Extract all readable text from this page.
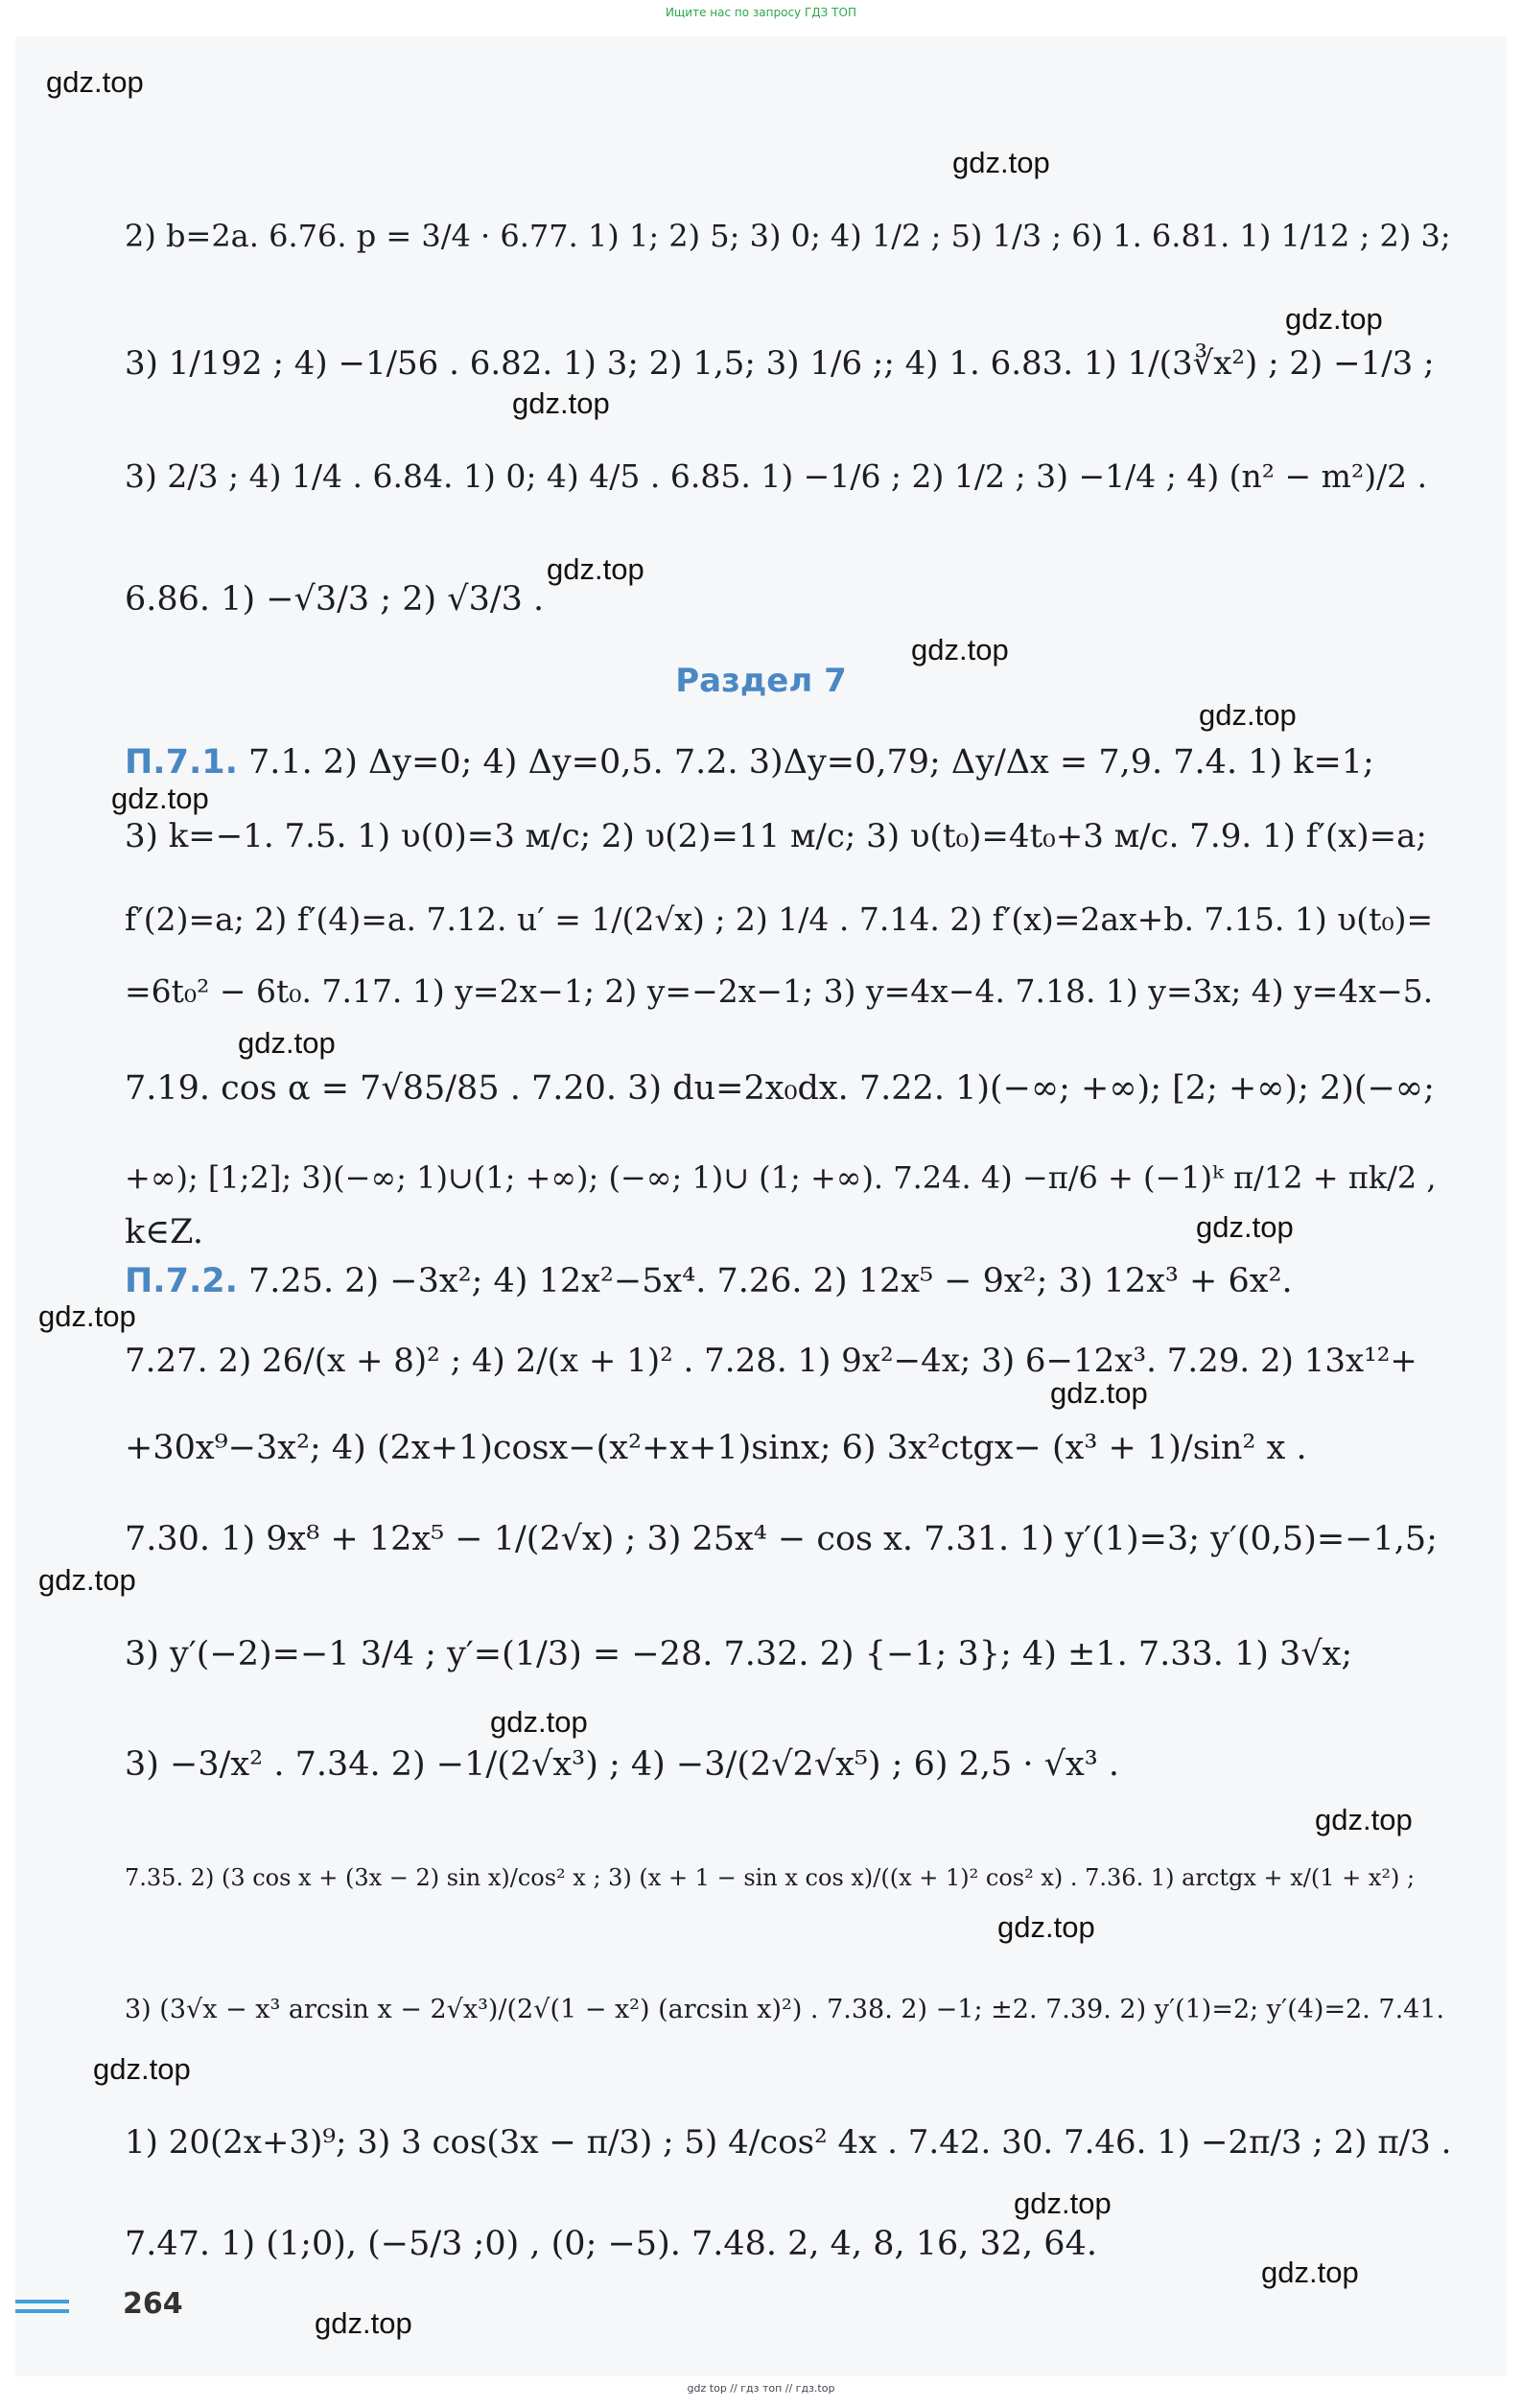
Ищите нас по запросу ГДЗ ТОП
gdz.top
gdz.top
gdz.top
gdz.top
gdz.top
gdz.top
gdz.top
gdz.top
gdz.top
gdz.top
gdz.top
gdz.top
gdz.top
gdz.top
gdz.top
gdz.top
gdz.top
gdz.top
gdz.top
gdz.top
2) b=2a. 6.76. p = 3/4 · 6.77. 1) 1; 2) 5; 3) 0; 4) 1/2 ; 5) 1/3 ; 6) 1. 6.81. 1) 1/12 ; 2) 3;
3) 1/192 ; 4) −1/56 . 6.82. 1) 3; 2) 1,5; 3) 1/6 ;; 4) 1. 6.83. 1) 1/(3∛x²) ; 2) −1/3 ;
3) 2/3 ; 4) 1/4 . 6.84. 1) 0; 4) 4/5 . 6.85. 1) −1/6 ; 2) 1/2 ; 3) −1/4 ; 4) (n² − m²)/2 .
6.86. 1) −√3/3 ; 2) √3/3 .
Раздел 7
П.7.1. 7.1. 2) Δy=0; 4) Δy=0,5. 7.2. 3)Δy=0,79; Δy/Δx = 7,9. 7.4. 1) k=1;
3) k=−1. 7.5. 1) υ(0)=3 м/с; 2) υ(2)=11 м/с; 3) υ(t₀)=4t₀+3 м/с. 7.9. 1) f′(x)=a;
f′(2)=a; 2) f′(4)=a. 7.12. u′ = 1/(2√x) ; 2) 1/4 . 7.14. 2) f′(x)=2ax+b. 7.15. 1) υ(t₀)=
=6t₀² − 6t₀. 7.17. 1) y=2x−1; 2) y=−2x−1; 3) y=4x−4. 7.18. 1) y=3x; 4) y=4x−5.
7.19. cos α = 7√85/85 . 7.20. 3) du=2x₀dx. 7.22. 1)(−∞; +∞); [2; +∞); 2)(−∞;
+∞); [1;2]; 3)(−∞; 1)∪(1; +∞); (−∞; 1)∪ (1; +∞). 7.24. 4) −π/6 + (−1)ᵏ π/12 + πk/2 ,
k∈Z.
П.7.2. 7.25. 2) −3x²; 4) 12x²−5x⁴. 7.26. 2) 12x⁵ − 9x²; 3) 12x³ + 6x².
7.27. 2) 26/(x + 8)² ; 4) 2/(x + 1)² . 7.28. 1) 9x²−4x; 3) 6−12x³. 7.29. 2) 13x¹²+
+30x⁹−3x²; 4) (2x+1)cosx−(x²+x+1)sinx; 6) 3x²ctgx− (x³ + 1)/sin² x .
7.30. 1) 9x⁸ + 12x⁵ − 1/(2√x) ; 3) 25x⁴ − cos x. 7.31. 1) y′(1)=3; y′(0,5)=−1,5;
3) y′(−2)=−1 3/4 ; y′=(1/3) = −28. 7.32. 2) {−1; 3}; 4) ±1. 7.33. 1) 3√x;
3) −3/x² . 7.34. 2) −1/(2√x³) ; 4) −3/(2√2√x⁵) ; 6) 2,5 · √x³ .
7.35. 2) (3 cos x + (3x − 2) sin x)/cos² x ; 3) (x + 1 − sin x cos x)/((x + 1)² cos² x) . 7.36. 1) arctgx + x/(1 + x²) ;
3) (3√x − x³ arcsin x − 2√x³)/(2√(1 − x²) (arcsin x)²) . 7.38. 2) −1; ±2. 7.39. 2) y′(1)=2; y′(4)=2. 7.41.
1) 20(2x+3)⁹; 3) 3 cos(3x − π/3) ; 5) 4/cos² 4x . 7.42. 30. 7.46. 1) −2π/3 ; 2) π/3 .
7.47. 1) (1;0), (−5/3 ;0) , (0; −5). 7.48. 2, 4, 8, 16, 32, 64.
264
gdz top // гдз топ // гдз.top
